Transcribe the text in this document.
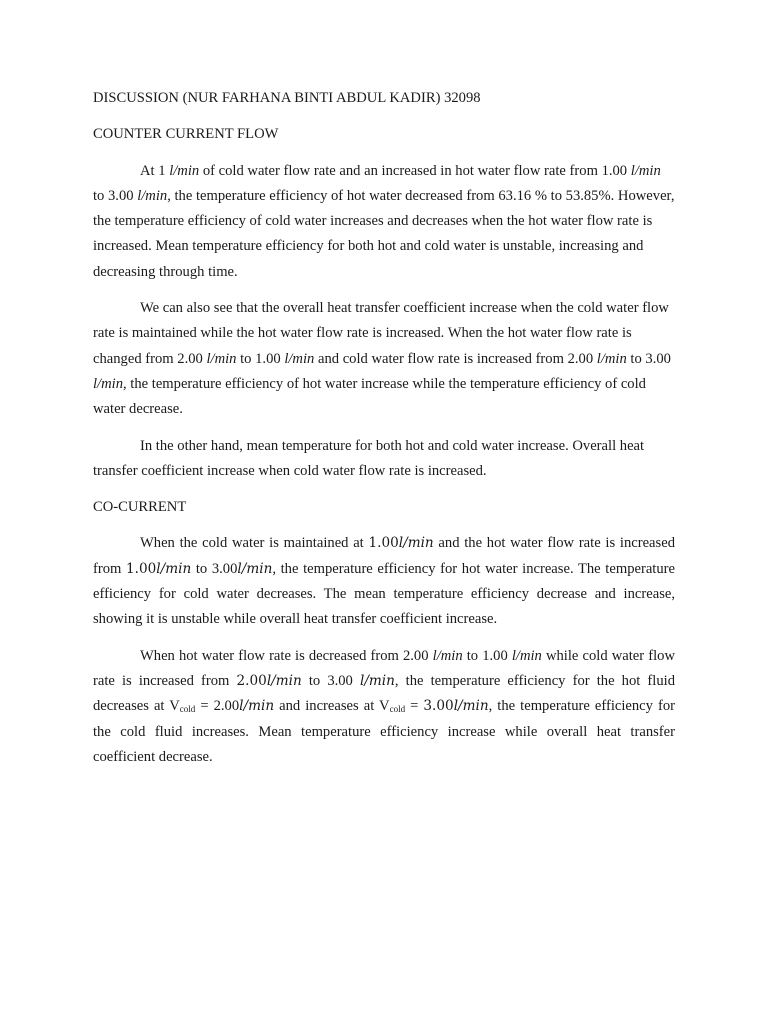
DISCUSSION (NUR FARHANA BINTI ABDUL KADIR) 32098

COUNTER CURRENT FLOW

At 1 l/min of cold water flow rate and an increased in hot water flow rate from 1.00 l/min to 3.00 l/min, the temperature efficiency of hot water decreased from 63.16 % to 53.85%. However, the temperature efficiency of cold water increases and decreases when the hot water flow rate is increased. Mean temperature efficiency for both hot and cold water is unstable, increasing and decreasing through time.

We can also see that the overall heat transfer coefficient increase when the cold water flow rate is maintained while the hot water flow rate is increased. When the hot water flow rate is changed from 2.00 l/min to 1.00 l/min and cold water flow rate is increased from 2.00 l/min to 3.00 l/min, the temperature efficiency of hot water increase while the temperature efficiency of cold water decrease.

In the other hand, mean temperature for both hot and cold water increase. Overall heat transfer coefficient increase when cold water flow rate is increased.

CO-CURRENT

When the cold water is maintained at 1.00l/min and the hot water flow rate is increased from 1.00l/min to 3.00l/min, the temperature efficiency for hot water increase. The temperature efficiency for cold water decreases. The mean temperature efficiency decrease and increase, showing it is unstable while overall heat transfer coefficient increase.

When hot water flow rate is decreased from 2.00 l/min to 1.00 l/min while cold water flow rate is increased from 2.00l/min to 3.00 l/min, the temperature efficiency for the hot fluid decreases at $V_{cold} = 2.00l/\min$ and increases at $V_{cold} = 3.00l/\min$, the temperature efficiency for the cold fluid increases. Mean temperature efficiency increase while overall heat transfer coefficient decrease.
